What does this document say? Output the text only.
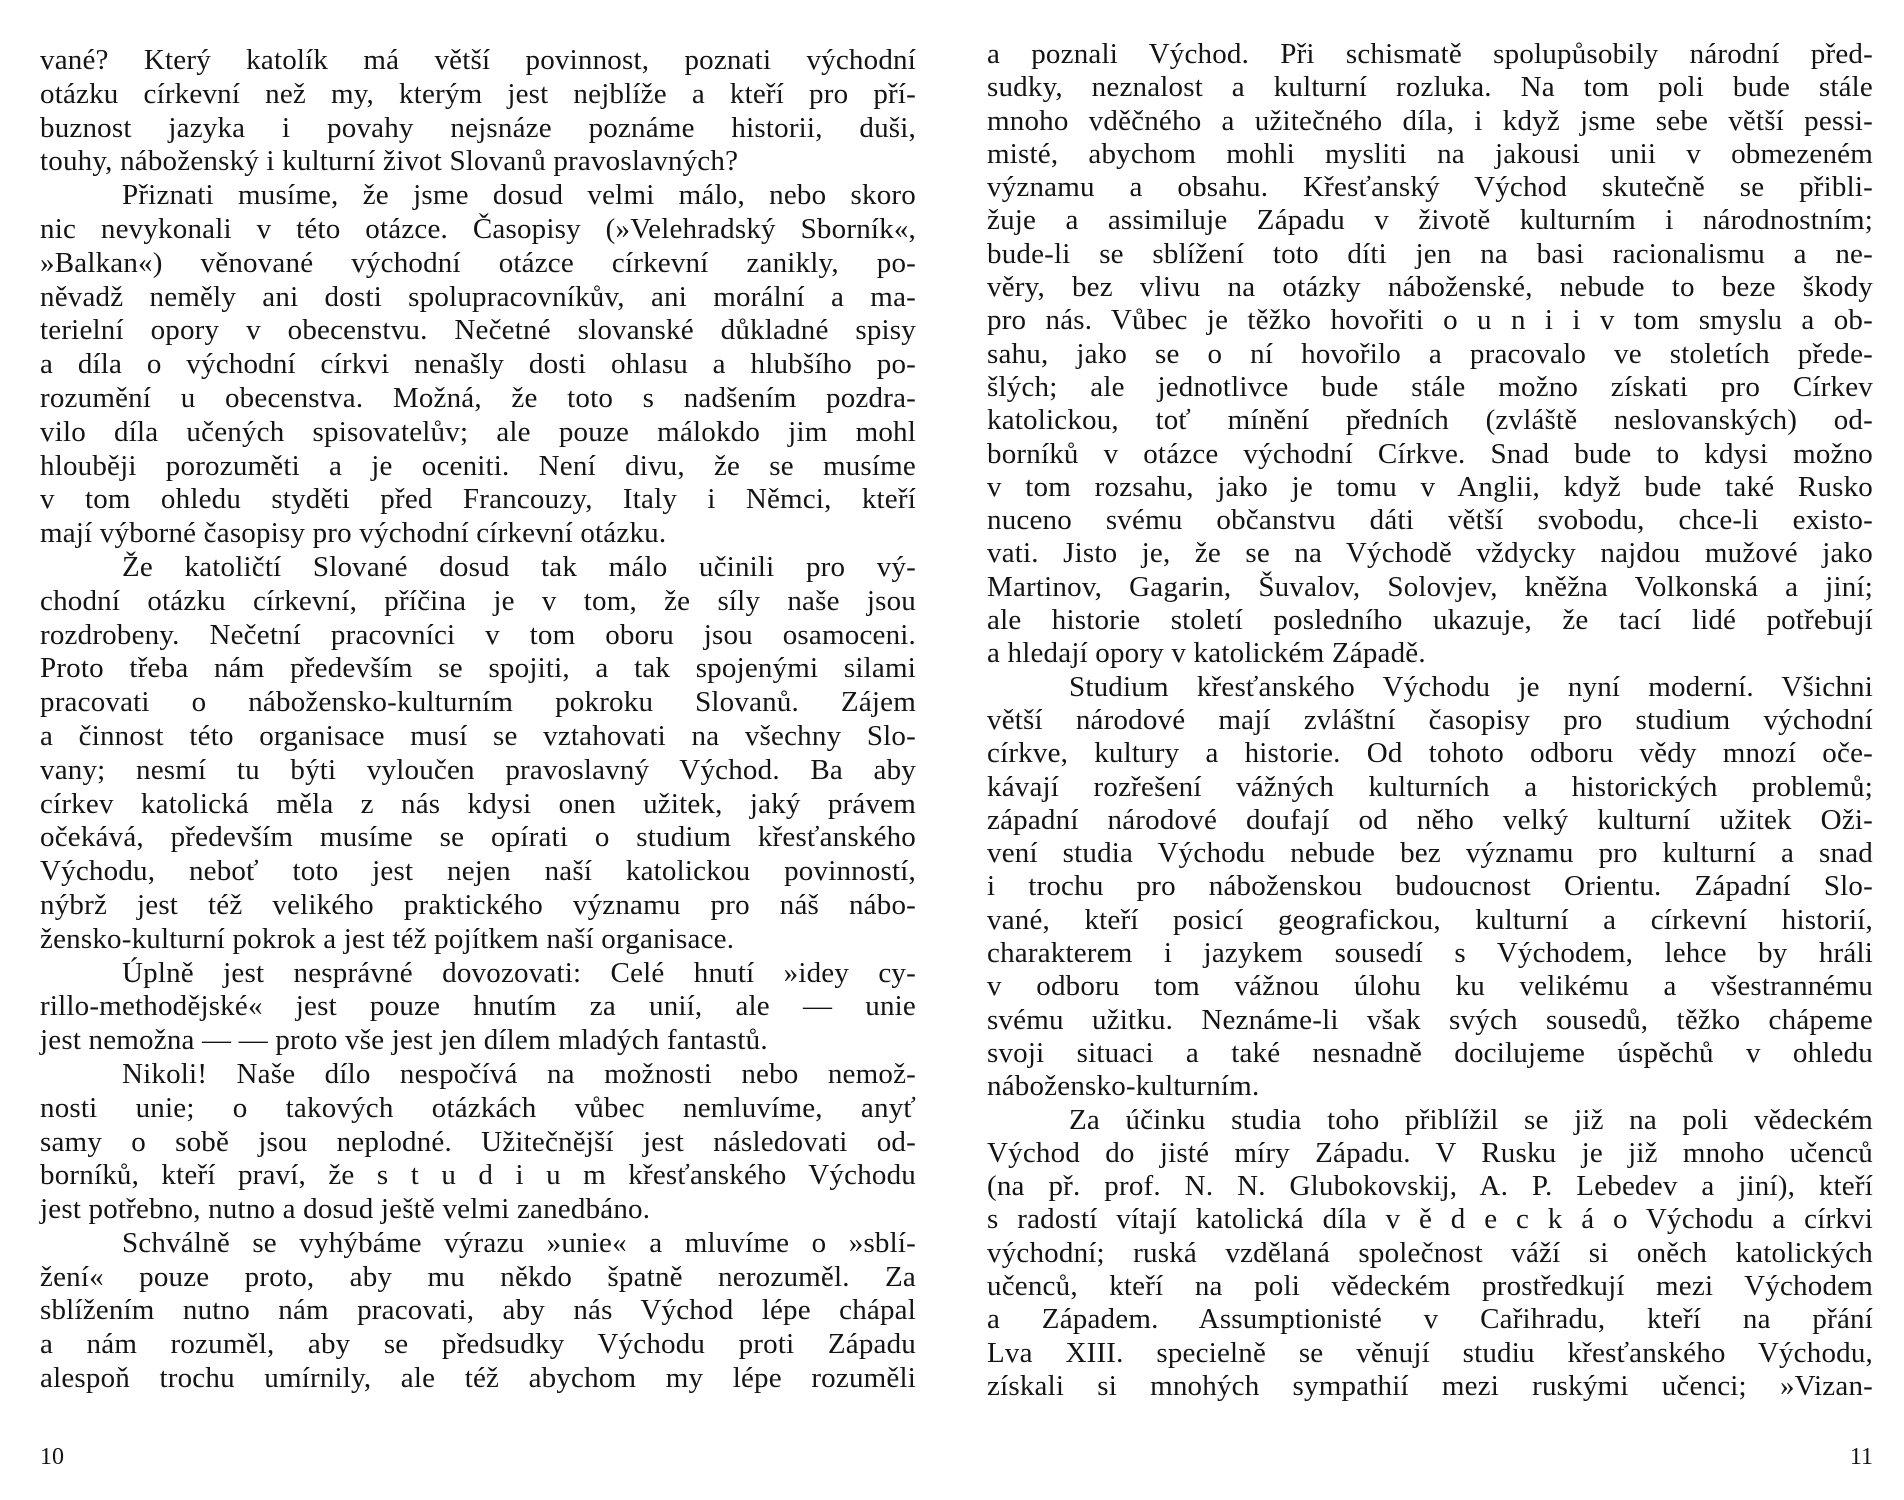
vané? Který katolík má větší povinnost, poznati východní
otázku církevní než my, kterým jest nejblíže a kteří pro pří-
buznost jazyka i povahy nejsnáze poznáme historii, duši,
touhy, náboženský i kulturní život Slovanů pravoslavných?
Přiznati musíme, že jsme dosud velmi málo, nebo skoro
nic nevykonali v této otázce. Časopisy (»Velehradský Sborník«,
»Balkan«) věnované východní otázce církevní zanikly, po-
něvadž neměly ani dosti spolupracovníkův, ani morální a ma-
terielní opory v obecenstvu. Nečetné slovanské důkladné spisy
a díla o východní církvi nenašly dosti ohlasu a hlubšího po-
rozumění u obecenstva. Možná, že toto s nadšením pozdra-
vilo díla učených spisovatelův; ale pouze málokdo jim mohl
hlouběji porozuměti a je oceniti. Není divu, že se musíme
v tom ohledu styděti před Francouzy, Italy i Němci, kteří
mají výborné časopisy pro východní církevní otázku.
Že katoličtí Slované dosud tak málo učinili pro vý-
chodní otázku církevní, příčina je v tom, že síly naše jsou
rozdrobeny. Nečetní pracovníci v tom oboru jsou osamoceni.
Proto třeba nám především se spojiti, a tak spojenými silami
pracovati o nábožensko-kulturním pokroku Slovanů. Zájem
a činnost této organisace musí se vztahovati na všechny Slo-
vany; nesmí tu býti vyloučen pravoslavný Východ. Ba aby
církev katolická měla z nás kdysi onen užitek, jaký právem
očekává, především musíme se opírati o studium křesťanského
Východu, neboť toto jest nejen naší katolickou povinností,
nýbrž jest též velikého praktického významu pro náš nábo-
žensko-kulturní pokrok a jest též pojítkem naší organisace.
Úplně jest nesprávné dovozovati: Celé hnutí »idey cy-
rillo-methodějské« jest pouze hnutím za unií, ale — unie
jest nemožna — — proto vše jest jen dílem mladých fantastů.
Nikoli! Naše dílo nespočívá na možnosti nebo nemož-
nosti unie; o takových otázkách vůbec nemluvíme, anyť
samy o sobě jsou neplodné. Užitečnější jest následovati od-
borníků, kteří praví, že s t u d i u m křesťanského Východu
jest potřebno, nutno a dosud ještě velmi zanedbáno.
Schválně se vyhýbáme výrazu »unie« a mluvíme o »sblí-
žení« pouze proto, aby mu někdo špatně nerozuměl. Za
sblížením nutno nám pracovati, aby nás Východ lépe chápal
a nám rozuměl, aby se předsudky Východu proti Západu
alespoň trochu umírnily, ale též abychom my lépe rozuměli
10
a poznali Východ. Při schismatě spolupůsobily národní před-
sudky, neznalost a kulturní rozluka. Na tom poli bude stále
mnoho vděčného a užitečného díla, i když jsme sebe větší pessi-
misté, abychom mohli mysliti na jakousi unii v obmezeném
významu a obsahu. Křesťanský Východ skutečně se přibli-
žuje a assimiluje Západu v životě kulturním i národnostním;
bude-li se sblížení toto díti jen na basi racionalismu a ne-
věry, bez vlivu na otázky náboženské, nebude to beze škody
pro nás. Vůbec je těžko hovořiti o u n i i v tom smyslu a ob-
sahu, jako se o ní hovořilo a pracovalo ve stoletích přede-
šlých; ale jednotlivce bude stále možno získati pro Církev
katolickou, toť mínění předních (zvláště neslovanských) od-
borníků v otázce východní Církve. Snad bude to kdysi možno
v tom rozsahu, jako je tomu v Anglii, když bude také Rusko
nuceno svému občanstvu dáti větší svobodu, chce-li existo-
vati. Jisto je, že se na Východě vždycky najdou mužové jako
Martinov, Gagarin, Šuvalov, Solovjev, kněžna Volkonská a jiní;
ale historie století posledního ukazuje, že tací lidé potřebují
a hledají opory v katolickém Západě.
Studium křesťanského Východu je nyní moderní. Všichni
větší národové mají zvláštní časopisy pro studium východní
církve, kultury a historie. Od tohoto odboru vědy mnozí oče-
kávají rozřešení vážných kulturních a historických problemů;
západní národové doufají od něho velký kulturní užitek Oži-
vení studia Východu nebude bez významu pro kulturní a snad
i trochu pro náboženskou budoucnost Orientu. Západní Slo-
vané, kteří posicí geografickou, kulturní a církevní historií,
charakterem i jazykem sousedí s Východem, lehce by hráli
v odboru tom vážnou úlohu ku velikému a všestrannému
svému užitku. Neznáme-li však svých sousedů, těžko chápeme
svoji situaci a také nesnadně docilujeme úspěchů v ohledu
nábožensko-kulturním.
Za účinku studia toho přiblížil se již na poli vědeckém
Východ do jisté míry Západu. V Rusku je již mnoho učenců
(na př. prof. N. N. Glubokovskij, A. P. Lebedev a jiní), kteří
s radostí vítají katolická díla v ě d e c k á o Východu a církvi
východní; ruská vzdělaná společnost váží si oněch katolických
učenců, kteří na poli vědeckém prostředkují mezi Východem
a Západem. Assumptionisté v Cařihradu, kteří na přání
Lva XIII. specielně se věnují studiu křesťanského Východu,
získali si mnohých sympathií mezi ruskými učenci; »Vizan-
11
